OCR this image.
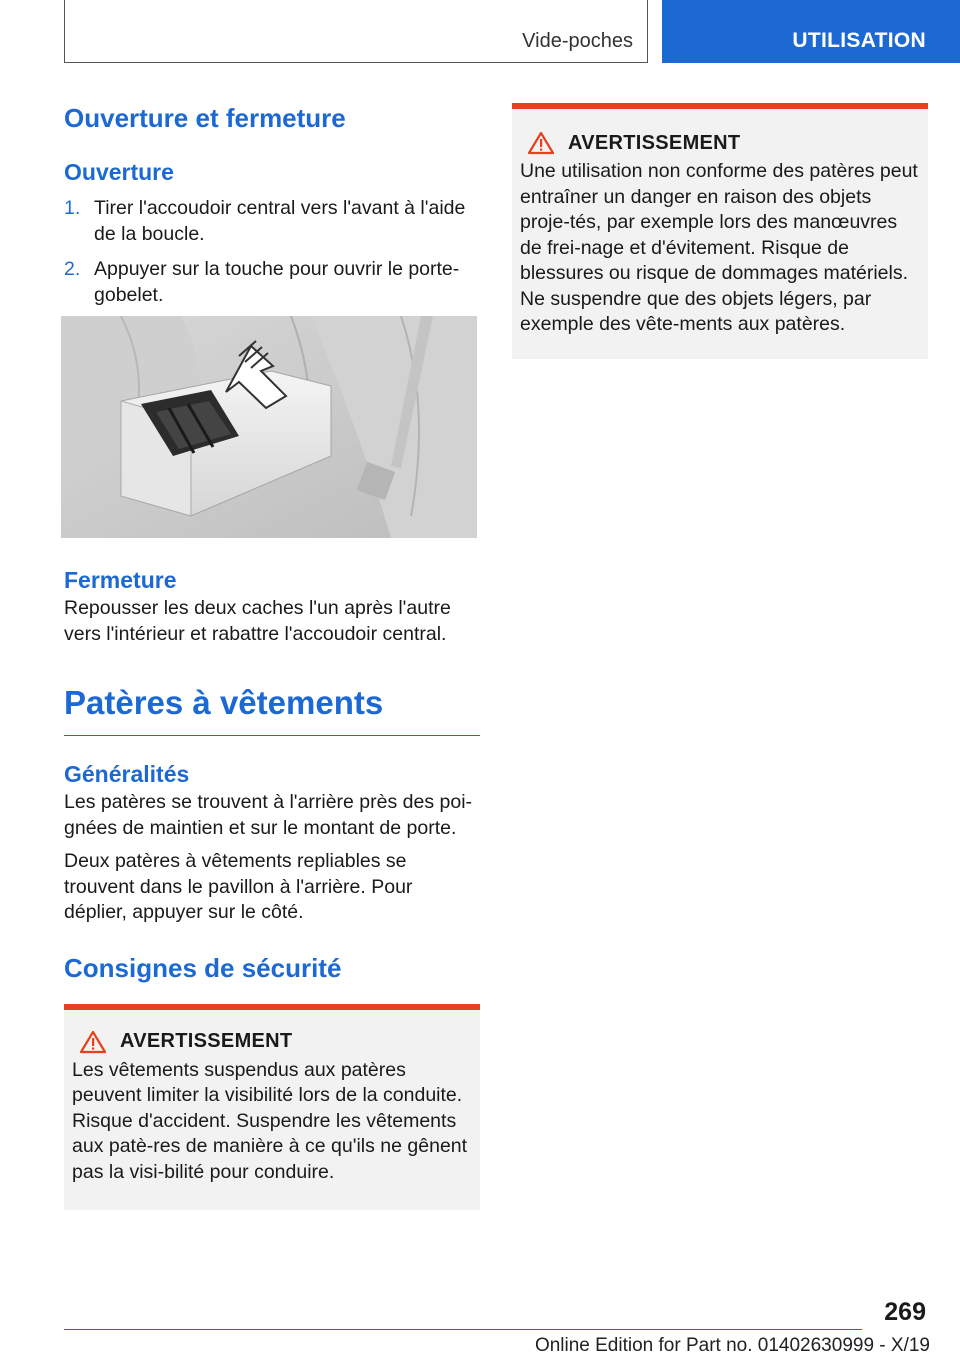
Vide-poches	UTILISATION
Ouverture et fermeture
Ouverture
1. Tirer l'accoudoir central vers l'avant à l'aide de la boucle.
2. Appuyer sur la touche pour ouvrir le porte-gobelet.
Fermeture

Repousser les deux caches l'un après l'autre vers l'intérieur et rabattre l'accoudoir central.

Patères à vêtements
Généralités

Les patères se trouvent à l'arrière près des poi-gnées de maintien et sur le montant de porte.

Deux patères à vêtements repliables se trouvent dans le pavillon à l'arrière. Pour déplier, appuyer sur le côté.

Consignes de sécurité
AVERTISSEMENT

Les vêtements suspendus aux patères peuvent limiter la visibilité lors de la conduite. Risque d'accident. Suspendre les vêtements aux patè-res de manière à ce qu'ils ne gênent pas la visi-bilité pour conduire.

AVERTISSEMENT

Une utilisation non conforme des patères peut entraîner un danger en raison des objets proje-tés, par exemple lors des manœuvres de frei-nage et d'évitement. Risque de blessures ou risque de dommages matériels. Ne suspendre que des objets légers, par exemple des vête-ments aux patères.

269
Online Edition for Part no. 01402630999 - X/19
